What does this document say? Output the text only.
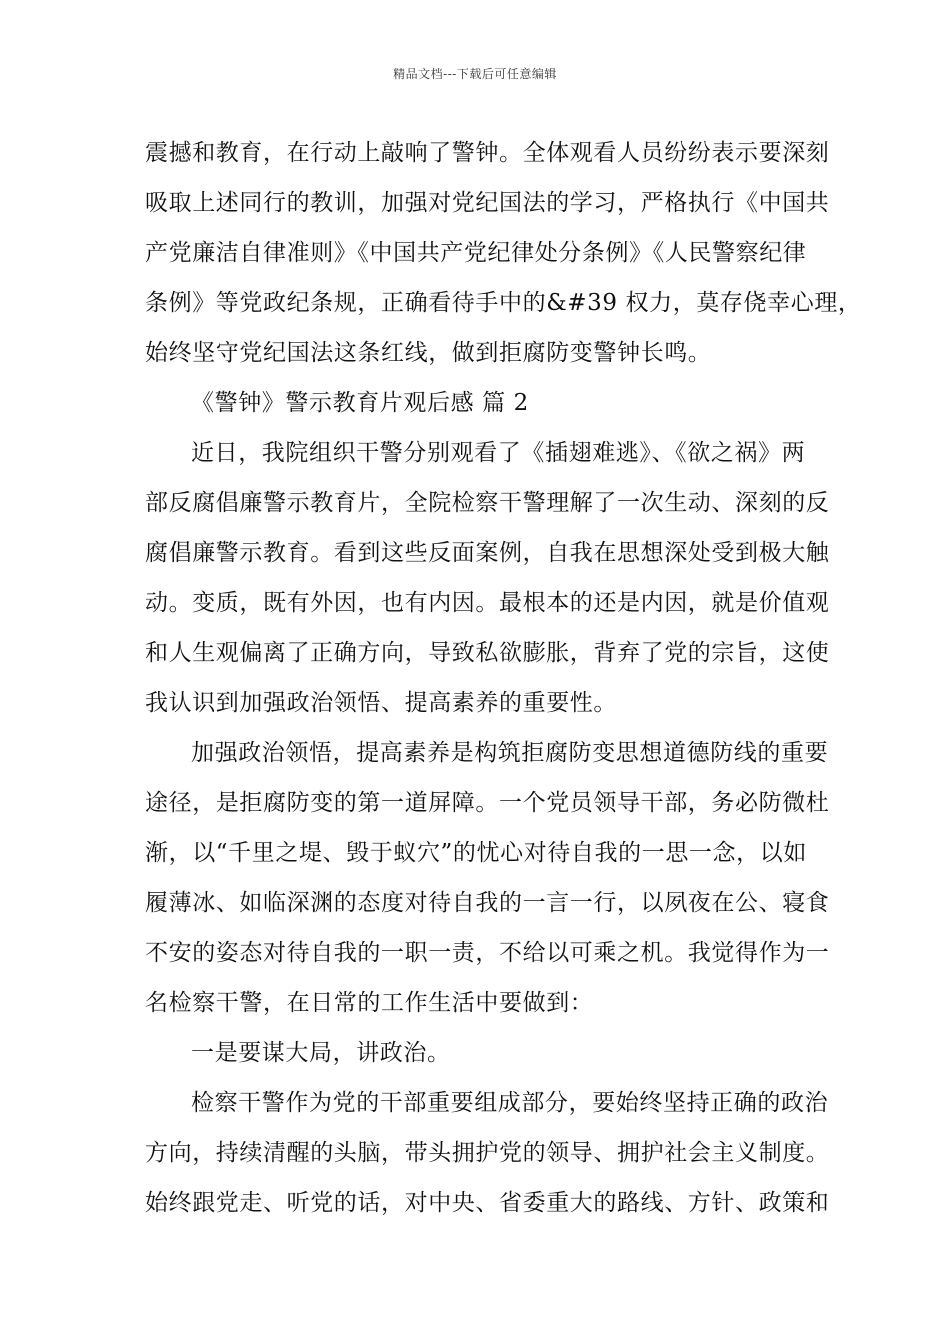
精品文档---下载后可任意编辑
震撼和教育，在行动上敲响了警钟。全体观看人员纷纷表示要深刻
吸取上述同行的教训，加强对党纪国法的学习，严格执行《中国共
产党廉洁自律准则》《中国共产党纪律处分条例》《人民警察纪律
条例》等党政纪条规，正确看待手中的&#39 权力，莫存侥幸心理，
始终坚守党纪国法这条红线，做到拒腐防变警钟长鸣。
《警钟》警示教育片观后感 篇 2
近日，我院组织干警分别观看了《插翅难逃》、《欲之祸》两
部反腐倡廉警示教育片，全院检察干警理解了一次生动、深刻的反
腐倡廉警示教育。看到这些反面案例，自我在思想深处受到极大触
动。变质，既有外因，也有内因。最根本的还是内因，就是价值观
和人生观偏离了正确方向，导致私欲膨胀，背弃了党的宗旨，这使
我认识到加强政治领悟、提高素养的重要性。
加强政治领悟，提高素养是构筑拒腐防变思想道德防线的重要
途径，是拒腐防变的第一道屏障。一个党员领导干部，务必防微杜
渐，以“千里之堤、毁于蚁穴”的忧心对待自我的一思一念，以如
履薄冰、如临深渊的态度对待自我的一言一行，以夙夜在公、寝食
不安的姿态对待自我的一职一责，不给以可乘之机。我觉得作为一
名检察干警，在日常的工作生活中要做到：
一是要谋大局，讲政治。
检察干警作为党的干部重要组成部分，要始终坚持正确的政治
方向，持续清醒的头脑，带头拥护党的领导、拥护社会主义制度。
始终跟党走、听党的话，对中央、省委重大的路线、方针、政策和
